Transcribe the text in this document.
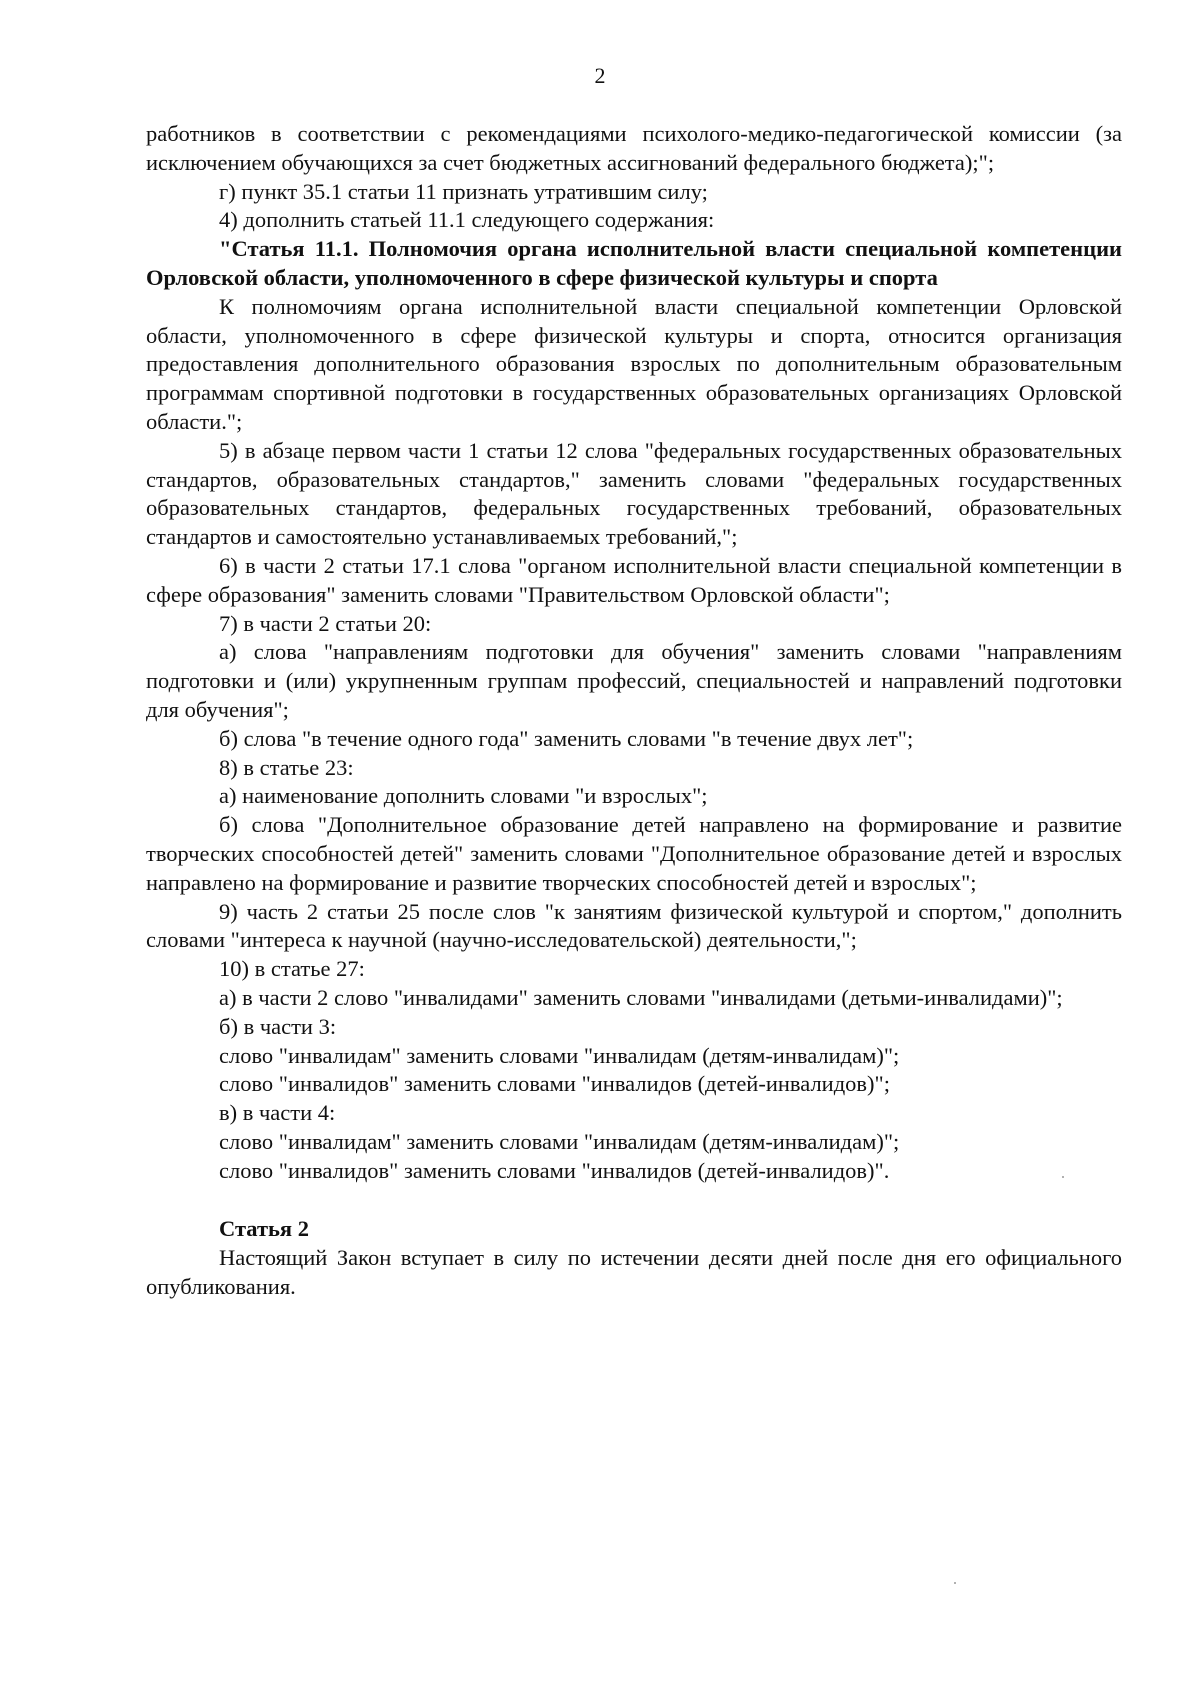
2

работников в соответствии с рекомендациями психолого-медико-педагогической комиссии (за исключением обучающихся за счет бюджетных ассигнований федерального бюджета);";

г) пункт 35.1 статьи 11 признать утратившим силу;

4) дополнить статьей 11.1 следующего содержания:

"Статья 11.1. Полномочия органа исполнительной власти специальной компетенции Орловской области, уполномоченного в сфере физической культуры и спорта

К полномочиям органа исполнительной власти специальной компетенции Орловской области, уполномоченного в сфере физической культуры и спорта, относится организация предоставления дополнительного образования взрослых по дополнительным образовательным программам спортивной подготовки в государственных образовательных организациях Орловской области.";

5) в абзаце первом части 1 статьи 12 слова "федеральных государственных образовательных стандартов, образовательных стандартов," заменить словами "федеральных государственных образовательных стандартов, федеральных государственных требований, образовательных стандартов и самостоятельно устанавливаемых требований,";

6) в части 2 статьи 17.1 слова "органом исполнительной власти специальной компетенции в сфере образования" заменить словами "Правительством Орловской области";

7) в части 2 статьи 20:

а) слова "направлениям подготовки для обучения" заменить словами "направлениям подготовки и (или) укрупненным группам профессий, специальностей и направлений подготовки для обучения";

б) слова "в течение одного года" заменить словами "в течение двух лет";

8) в статье 23:

а) наименование дополнить словами "и взрослых";

б) слова "Дополнительное образование детей направлено на формирование и развитие творческих способностей детей" заменить словами "Дополнительное образование детей и взрослых направлено на формирование и развитие творческих способностей детей и взрослых";

9) часть 2 статьи 25 после слов "к занятиям физической культурой и спортом," дополнить словами "интереса к научной (научно-исследовательской) деятельности,";

10) в статье 27:

а) в части 2 слово "инвалидами" заменить словами "инвалидами (детьми-инвалидами)";

б) в части 3:

слово "инвалидам" заменить словами "инвалидам (детям-инвалидам)";

слово "инвалидов" заменить словами "инвалидов (детей-инвалидов)";

в) в части 4:

слово "инвалидам" заменить словами "инвалидам (детям-инвалидам)";

слово "инвалидов" заменить словами "инвалидов (детей-инвалидов)".

Статья 2

Настоящий Закон вступает в силу по истечении десяти дней после дня его официального опубликования.
